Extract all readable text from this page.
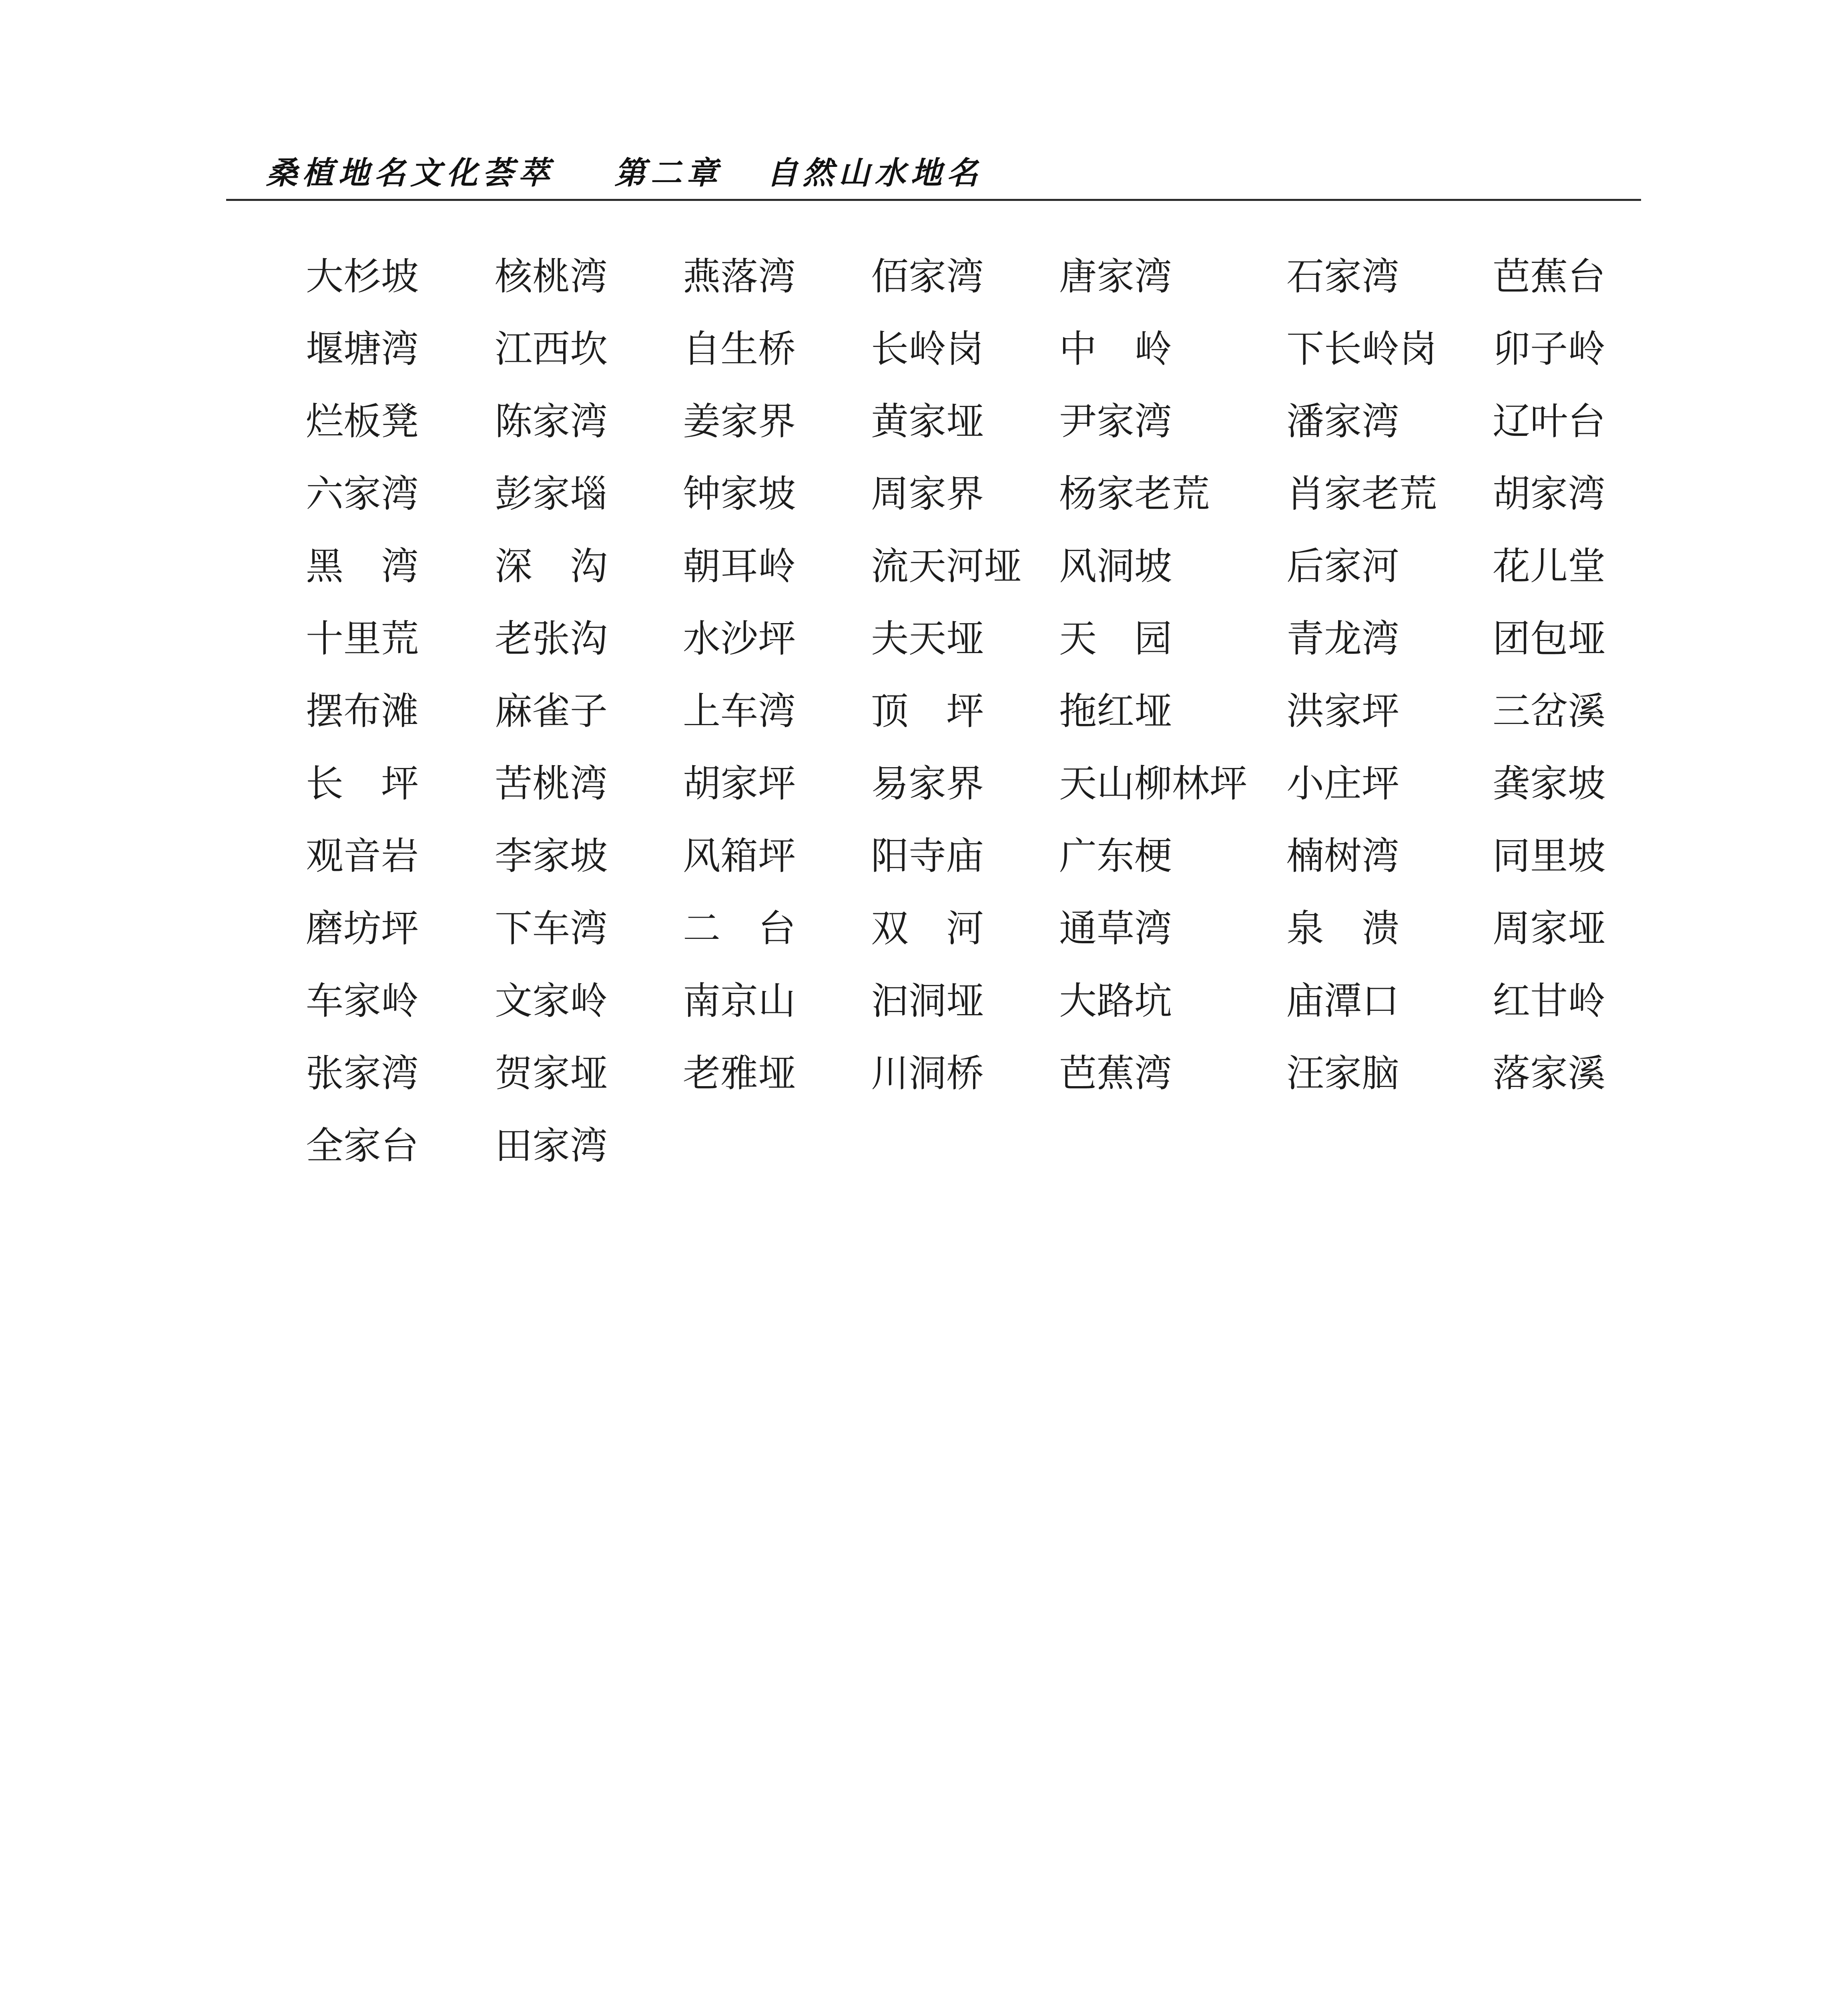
桑植地名文化荟萃 第二章 自然山水地名
大杉坡 核桃湾 燕落湾 佰家湾 唐家湾	石家湾 芭蕉台
堰塘湾 江西坎 自生桥 长岭岗 中　岭	下长岭岗 卯子岭
烂板凳 陈家湾 姜家界 黄家垭 尹家湾	潘家湾 辽叶台
六家湾 彭家堖 钟家坡 周家界 杨家老荒 肖家老荒 胡家湾
黑　湾 深　沟 朝耳岭 流天河垭 风洞坡	后家河 花儿堂
十里荒 老张沟 水沙坪 夫天垭 天　园	青龙湾 团包垭
摆布滩 麻雀子 上车湾 顶　坪 拖红垭	洪家坪 三岔溪
长　坪 苦桃湾 胡家坪 易家界 天山柳林坪 小庄坪 龚家坡
观音岩 李家坡 风箱坪 阳寺庙 广东梗	楠树湾 同里坡
磨坊坪 下车湾 二　台 双　河 通草湾	泉　溃 周家垭
车家岭 文家岭 南京山 汩洞垭 大路坑	庙潭口 红甘岭
张家湾 贺家垭 老雅垭 川洞桥 芭蕉湾	汪家脑 落家溪
全家台 田家湾
